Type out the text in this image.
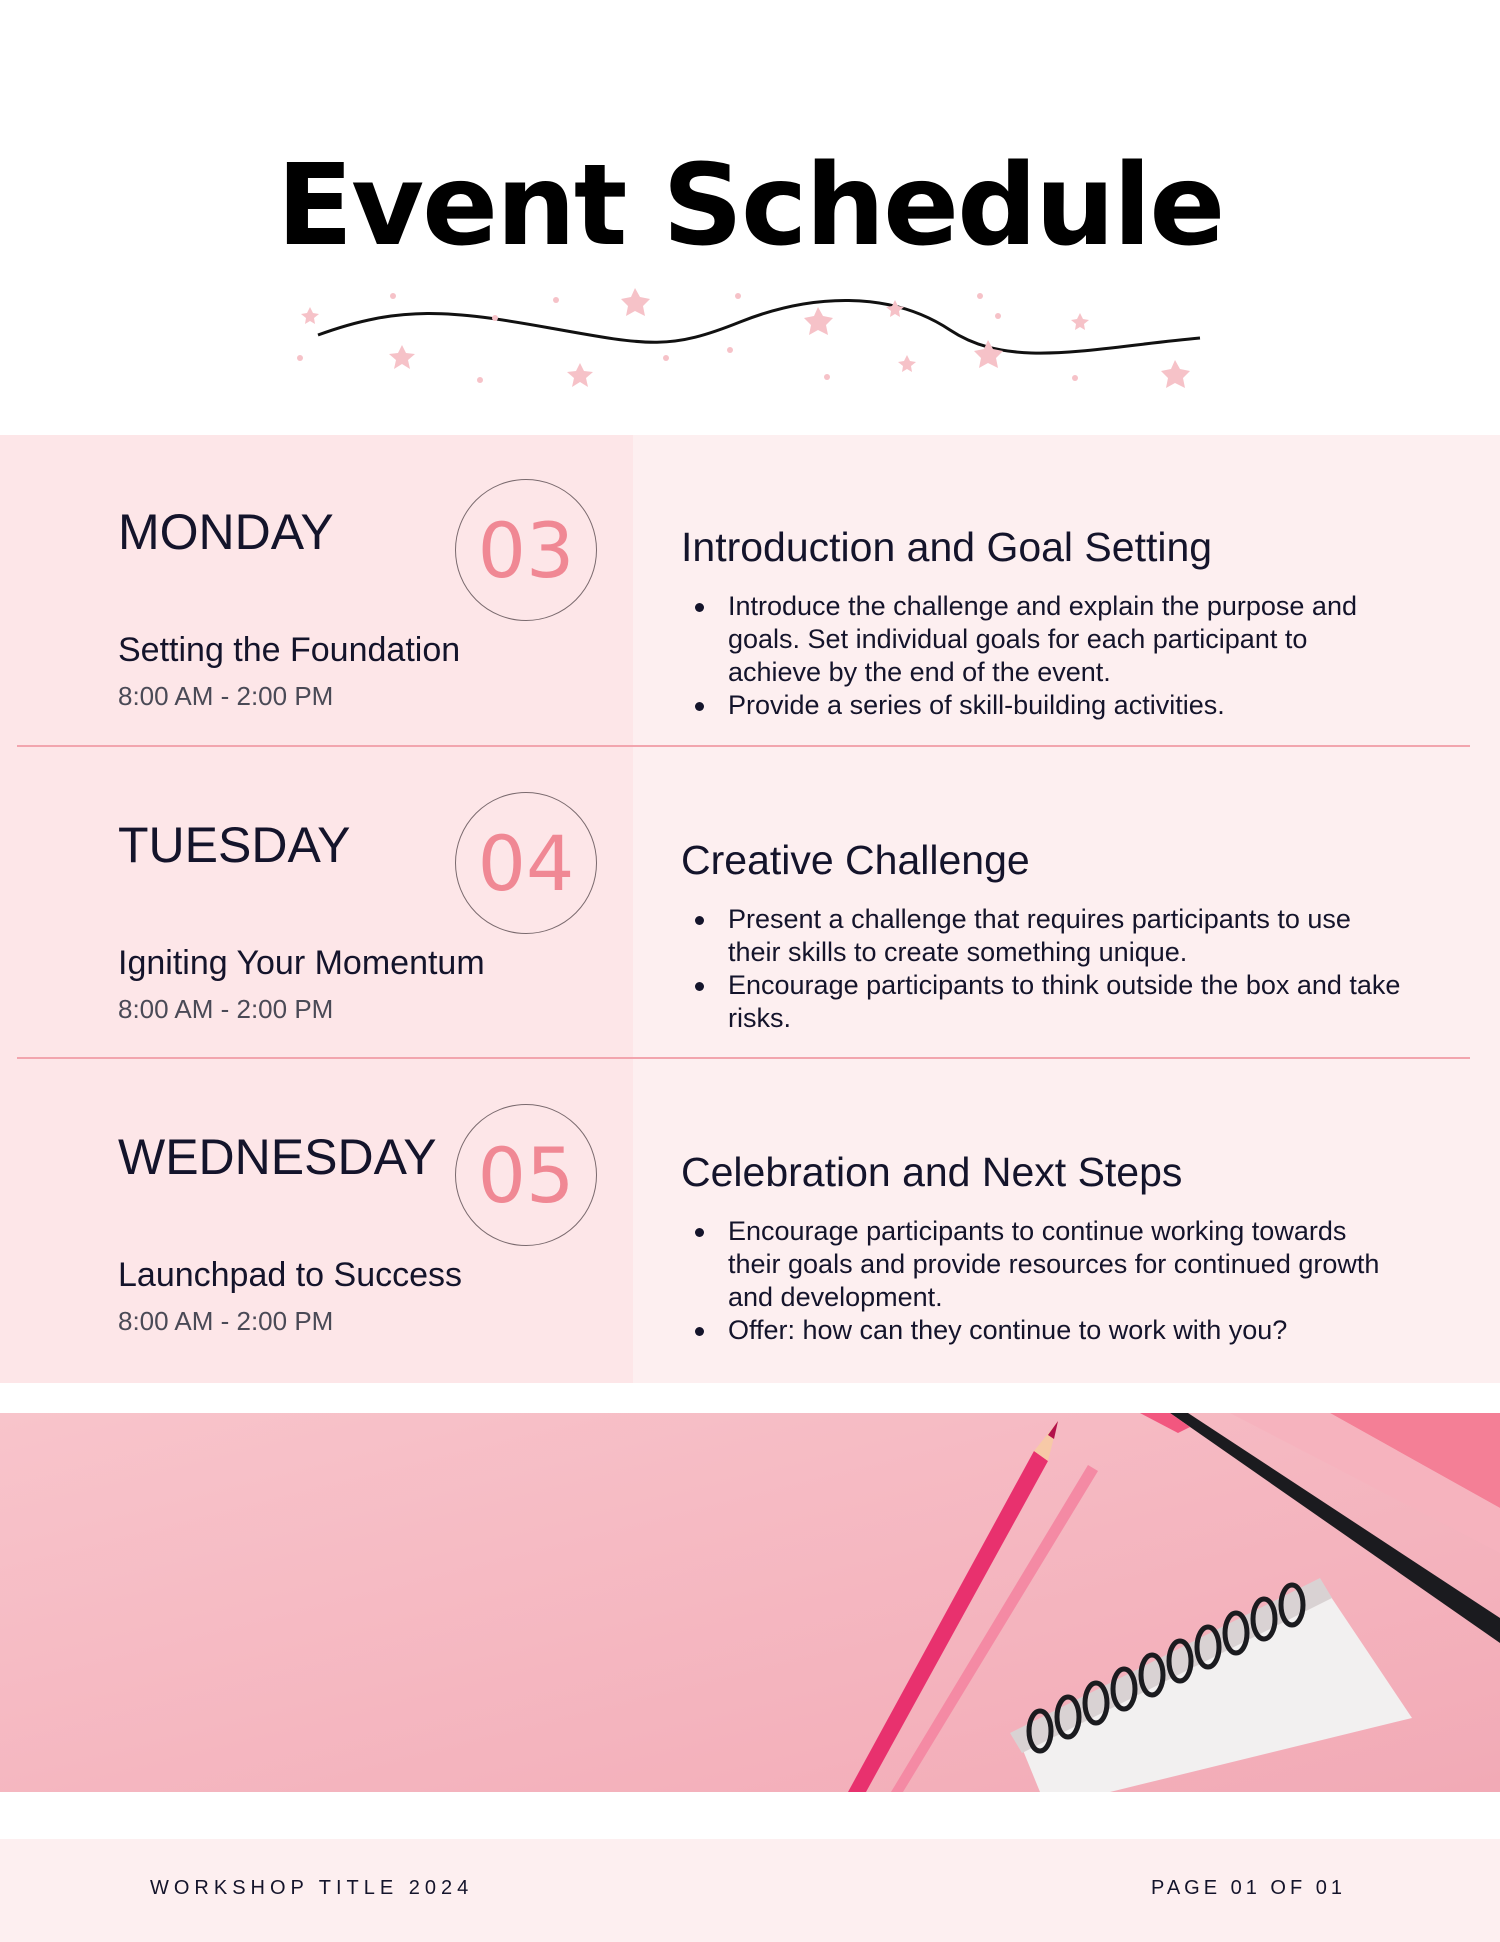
Event Schedule
MONDAY 03
Setting the Foundation
8:00 AM - 2:00 PM
Introduction and Goal Setting
Introduce the challenge and explain the purpose and goals. Set individual goals for each participant to achieve by the end of the event.
Provide a series of skill-building activities.
TUESDAY 04
Igniting Your Momentum
8:00 AM - 2:00 PM
Creative Challenge
Present a challenge that requires participants to use their skills to create something unique.
Encourage participants to think outside the box and take risks.
WEDNESDAY 05
Launchpad to Success
8:00 AM - 2:00 PM
Celebration and Next Steps
Encourage participants to continue working towards their goals and provide resources for continued growth and development.
Offer: how can they continue to work with you?
WORKSHOP TITLE 2024	PAGE 01 OF 01
